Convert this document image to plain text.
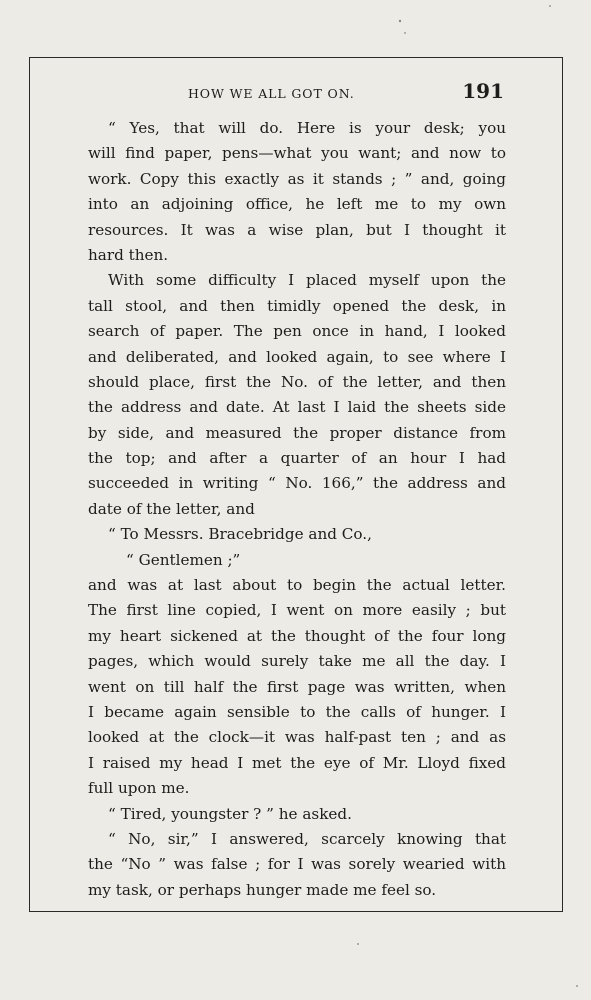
HOW WE ALL GOT ON.	191
“ Yes, that will do. Here is your desk; you
will find paper, pens—what you want; and now to
work. Copy this exactly as it stands ; ” and, going
into an adjoining office, he left me to my own
resources. It was a wise plan, but I thought it
hard then.
With some difficulty I placed myself upon the
tall stool, and then timidly opened the desk, in
search of paper. The pen once in hand, I looked
and deliberated, and looked again, to see where I
should place, first the No. of the letter, and then
the address and date. At last I laid the sheets side
by side, and measured the proper distance from
the top; and after a quarter of an hour I had
succeeded in writing “ No. 166,” the address and
date of the letter, and
“ To Messrs. Bracebridge and Co.,
“ Gentlemen ;”
and was at last about to begin the actual letter.
The first line copied, I went on more easily ; but
my heart sickened at the thought of the four long
pages, which would surely take me all the day. I
went on till half the first page was written, when
I became again sensible to the calls of hunger. I
looked at the clock—it was half-past ten ; and as
I raised my head I met the eye of Mr. Lloyd fixed
full upon me.
“ Tired, youngster ? ” he asked.
“ No, sir,” I answered, scarcely knowing that
the “No ” was false ; for I was sorely wearied with
my task, or perhaps hunger made me feel so.
